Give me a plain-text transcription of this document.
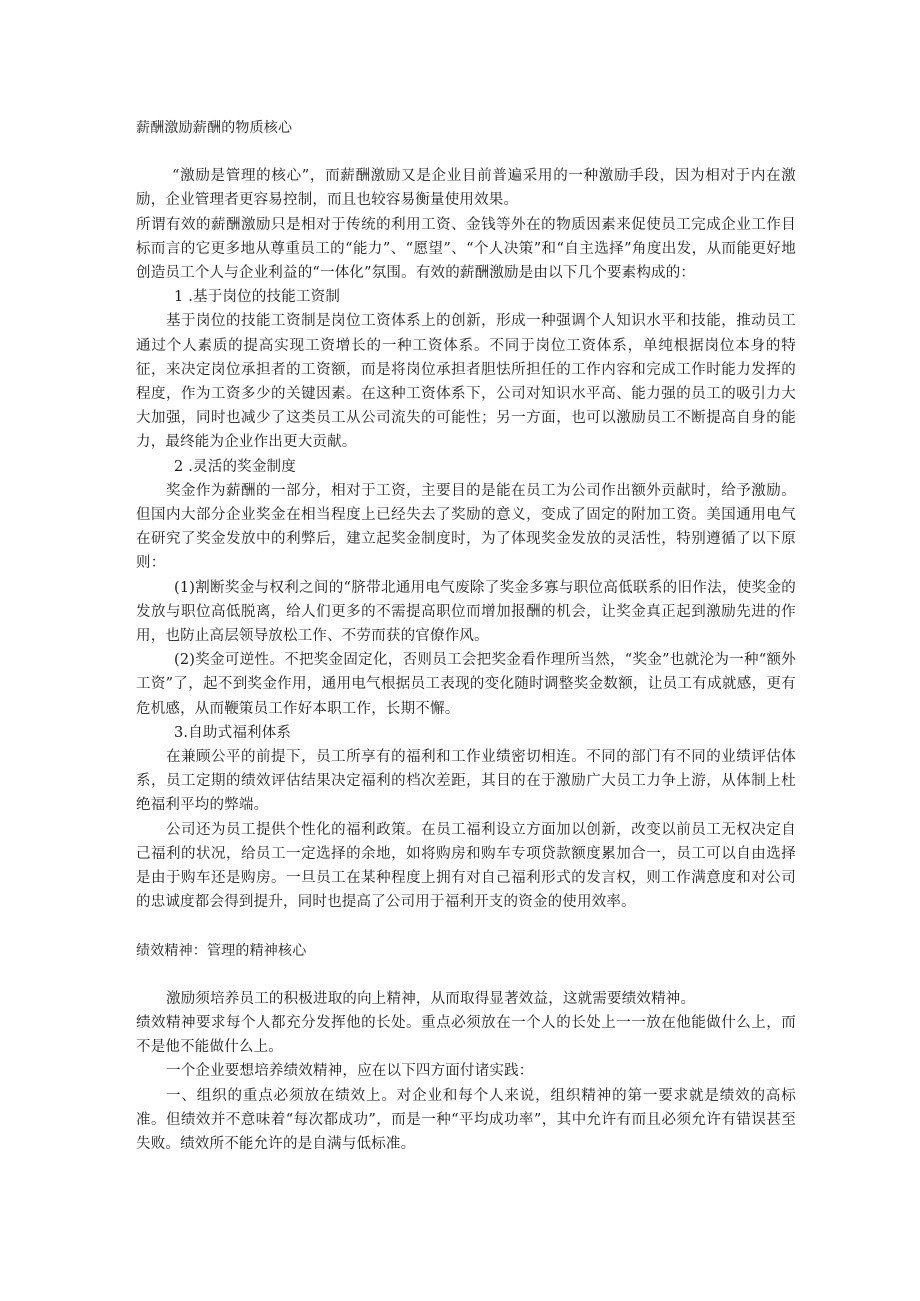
薪酬激励薪酬的物质核心

“激励是管理的核心”，而薪酬激励又是企业目前普遍采用的一种激励手段，因为相对于内在激励，企业管理者更容易控制，而且也较容易衡量使用效果。

所谓有效的薪酬激励只是相对于传统的利用工资、金钱等外在的物质因素来促使员工完成企业工作目标而言的它更多地从尊重员工的“能力”、“愿望”、“个人决策”和“自主选择”角度出发，从而能更好地创造员工个人与企业利益的“一体化”氛围。有效的薪酬激励是由以下几个要素构成的：

1 .基于岗位的技能工资制

基于岗位的技能工资制是岗位工资体系上的创新，形成一种强调个人知识水平和技能，推动员工通过个人素质的提高实现工资增长的一种工资体系。不同于岗位工资体系，单纯根据岗位本身的特征，来决定岗位承担者的工资额，而是将岗位承担者胆怯所担任的工作内容和完成工作时能力发挥的程度，作为工资多少的关键因素。在这种工资体系下，公司对知识水平高、能力强的员工的吸引力大大加强，同时也减少了这类员工从公司流失的可能性；另一方面，也可以激励员工不断提高自身的能力，最终能为企业作出更大贡献。

2 .灵活的奖金制度

奖金作为薪酬的一部分，相对于工资，主要目的是能在员工为公司作出额外贡献时，给予激励。但国内大部分企业奖金在相当程度上已经失去了奖励的意义，变成了固定的附加工资。美国通用电气在研究了奖金发放中的利弊后，建立起奖金制度时，为了体现奖金发放的灵活性，特别遵循了以下原则：

(1)割断奖金与权利之间的“脐带北通用电气废除了奖金多寡与职位高低联系的旧作法，使奖金的发放与职位高低脱离，给人们更多的不需提高职位而增加报酬的机会，让奖金真正起到激励先进的作用，也防止高层领导放松工作、不劳而获的官僚作风。

(2)奖金可逆性。不把奖金固定化，否则员工会把奖金看作理所当然，“奖金”也就沦为一种“额外工资”了，起不到奖金作用，通用电气根据员工表现的变化随时调整奖金数额，让员工有成就感，更有危机感，从而鞭策员工作好本职工作，长期不懈。

3.自助式福利体系

在兼顾公平的前提下，员工所享有的福利和工作业绩密切相连。不同的部门有不同的业绩评估体系，员工定期的绩效评估结果决定福利的档次差距，其目的在于激励广大员工力争上游，从体制上杜绝福利平均的弊端。

公司还为员工提供个性化的福利政策。在员工福利设立方面加以创新，改变以前员工无权决定自己福利的状况，给员工一定选择的余地，如将购房和购车专项贷款额度累加合一，员工可以自由选择是由于购车还是购房。一旦员工在某种程度上拥有对自己福利形式的发言权，则工作满意度和对公司的忠诚度都会得到提升，同时也提高了公司用于福利开支的资金的使用效率。

绩效精神：管理的精神核心

激励须培养员工的积极进取的向上精神，从而取得显著效益，这就需要绩效精神。

绩效精神要求每个人都充分发挥他的长处。重点必须放在一个人的长处上一一放在他能做什么上，而不是他不能做什么上。

一个企业要想培养绩效精神，应在以下四方面付诸实践：

一、组织的重点必须放在绩效上。对企业和每个人来说，组织精神的第一要求就是绩效的高标准。但绩效并不意味着“每次都成功”，而是一种“平均成功率”，其中允许有而且必须允许有错误甚至失败。绩效所不能允许的是自满与低标准。
